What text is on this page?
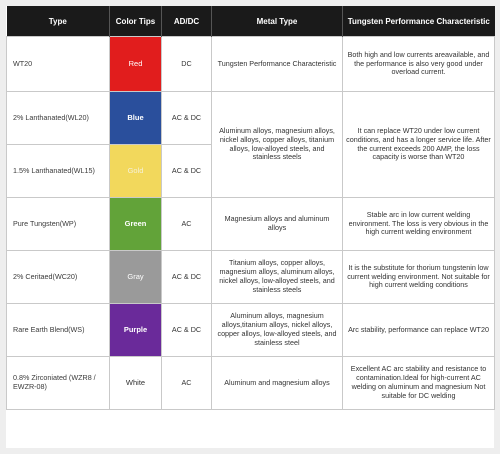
Type	Color Tips	AD/DC	Metal Type	Tungsten Performance Characteristic
WT20	Red	DC	Tungsten Performance Characteristic	Both high and low currents areavailable, and the performance is also very good under overload current.
2% Lanthanated(WL20)	Blue	AC & DC	Aluminum alloys, magnesium alloys, nickel alloys, copper alloys, titanium alloys, low-alloyed steels, and stainless steels	It can replace WT20 under low current conditions, and has a longer service life. After the current exceeds 200 AMP, the loss capacity is worse than WT20
1.5% Lanthanated(WL15)	Gold	AC & DC		
Pure Tungsten(WP)	Green	AC	Magnesium alloys and aluminum alloys	Stable arc in low current welding environment. The loss is very obvious in the high current welding environment
2% Ceritaed(WC20)	Gray	AC & DC	Titanium alloys, copper alloys, magnesium alloys, aluminum alloys, nickel alloys, low-alloyed steels, and stainless steels	It is the substitute for thorium tungstenin low current welding environment. Not suitable for high current welding conditions
Rare Earth Blend(WS)	Purple	AC & DC	Aluminum alloys, magnesium alloys,titanium alloys, nickel alloys, copper alloys, low-alloyed steels, and stainless steel	Arc stability, performance can replace WT20
0.8% Zirconiated (WZR8 / EWZR-08)	White	AC	Aluminum and magnesium alloys	Excellent AC arc stability and resistance to contamination.Ideal for high-current AC welding on aluminum and magnesium Not suitable for DC welding
